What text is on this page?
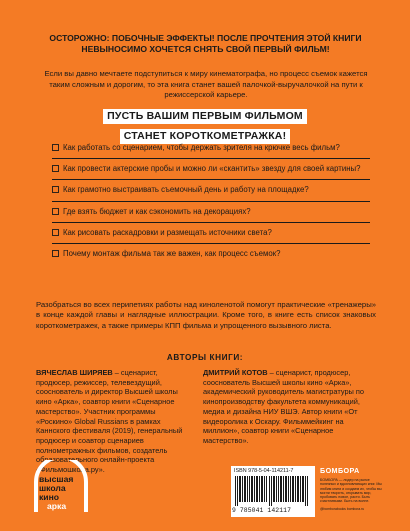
ОСТОРОЖНО: ПОБОЧНЫЕ ЭФФЕКТЫ! ПОСЛЕ ПРОЧТЕНИЯ ЭТОЙ КНИГИ НЕВЫНОСИМО ХОЧЕТСЯ СНЯТЬ СВОЙ ПЕРВЫЙ ФИЛЬМ!
Если вы давно мечтаете подступиться к миру кинематографа, но процесс съемок кажется таким сложным и дорогим, то эта книга станет вашей палочкой-выручалочкой на пути к режиссерской карьере.
ПУСТЬ ВАШИМ ПЕРВЫМ ФИЛЬМОМ
СТАНЕТ КОРОТКОМЕТРАЖКА!
Как работать со сценарием, чтобы держать зрителя на крючке весь фильм?
Как провести актерские пробы и можно ли «скантить» звезду для своей картины?
Как грамотно выстраивать съемочный день и работу на площадке?
Где взять бюджет и как сэкономить на декорациях?
Как рисовать раскадровки и размещать источники света?
Почему монтаж фильма так же важен, как процесс съемок?
Разобраться во всех перипетиях работы над киноленотой помогут практические «тренажеры» в конце каждой главы и наглядные иллюстрации. Кроме того, в книге есть список знаковых короткометражек, а также примеры КПП фильма и упрощенного вызывного листа.
АВТОРЫ КНИГИ:
ВЯЧЕСЛАВ ШИРЯЕВ – сценарист, продюсер, режиссер, телевездущий, сооснователь и директор Высшей школы кино «Арка», соавтор книги «Сценарное мастерство». Участник программы «Роскино» Global Russians в рамках Каннского фестиваля (2019), генеральный продюсер и соавтор сценариев полнометражных фильмов, создатель образовательного онлайн-проекта «Фильмошкола.ру».
ДМИТРИЙ КОТОВ – сценарист, продюсер, сооснователь Высшей школы кино «Арка», академический руководитель магистратуры по кинопроизводству факультета коммуникаций, медиа и дизайна НИУ ВШЭ. Автор книги «От видеоролика к Оскару. Фильммейкинг на миллион», соавтор книги «Сценарное мастерство».
высшая
школа
кино
арка
ISBN 978-5-04-114211-7
9 785041 142117
БОМБОРА
БОМБОРА — лидер на рынке полезных и вдохновляющих книг. Мы любим книги и создаем их, чтобы вы могли творить, открывать мир, пробовать новое, расти. Быть счастливыми. Быть на волне.
@bomborabooks bombora.ru
